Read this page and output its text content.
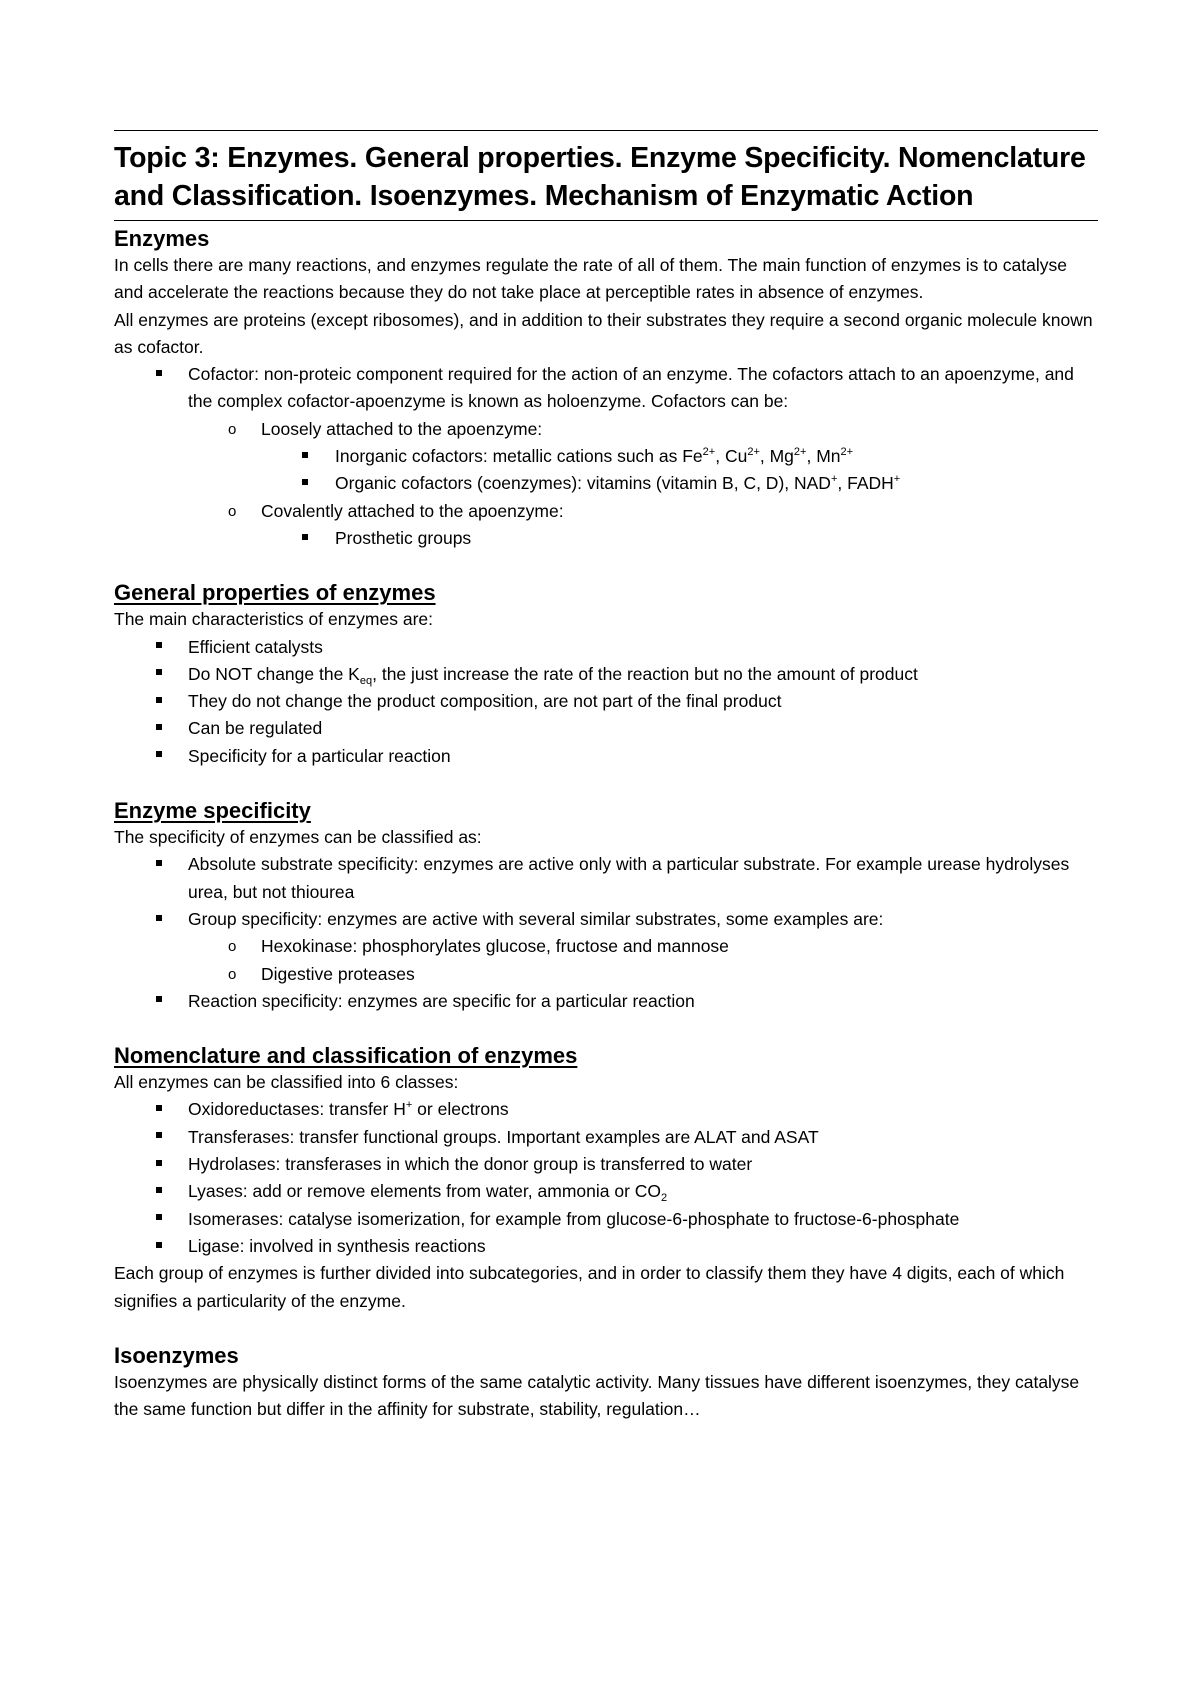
Topic 3: Enzymes. General properties. Enzyme Specificity. Nomenclature
and Classification. Isoenzymes. Mechanism of Enzymatic Action
Enzymes

In cells there are many reactions, and enzymes regulate the rate of all of them. The main function of enzymes is to catalyse and accelerate the reactions because they do not take place at perceptible rates in absence of enzymes.

All enzymes are proteins (except ribosomes), and in addition to their substrates they require a second organic molecule known as cofactor.

Cofactor: non-proteic component required for the action of an enzyme. The cofactors attach to an apoenzyme, and the complex cofactor-apoenzyme is known as holoenzyme. Cofactors can be:
o Loosely attached to the apoenzyme:
Inorganic cofactors: metallic cations such as $Fe^{2+}$, $Cu^{2+}$, $Mg^{2+}$, $Mn^{2+}$
Organic cofactors (coenzymes): vitamins (vitamin B, C, D), NAD+, FADH+
o Covalently attached to the apoenzyme:
Prosthetic groups
General properties of enzymes

The main characteristics of enzymes are:

Efficient catalysts
Do NOT change the $K_{eq}$, the just increase the rate of the reaction but no the amount of product
They do not change the product composition, are not part of the final product
Can be regulated
Specificity for a particular reaction
Enzyme specificity

The specificity of enzymes can be classified as:

Absolute substrate specificity: enzymes are active only with a particular substrate. For example urease hydrolyses urea, but not thiourea
Group specificity: enzymes are active with several similar substrates, some examples are:
o Hexokinase: phosphorylates glucose, fructose and mannose
o Digestive proteases
Reaction specificity: enzymes are specific for a particular reaction
Nomenclature and classification of enzymes

All enzymes can be classified into 6 classes:

Oxidoreductases: transfer H+ or electrons
Transferases: transfer functional groups. Important examples are ALAT and ASAT
Hydrolases: transferases in which the donor group is transferred to water
Lyases: add or remove elements from water, ammonia or $CO_2$
Isomerases: catalyse isomerization, for example from glucose-6-phosphate to fructose-6-phosphate
Ligase: involved in synthesis reactions

Each group of enzymes is further divided into subcategories, and in order to classify them they have 4 digits, each of which signifies a particularity of the enzyme.

Isoenzymes

Isoenzymes are physically distinct forms of the same catalytic activity. Many tissues have different isoenzymes, they catalyse the same function but differ in the affinity for substrate, stability, regulation…
